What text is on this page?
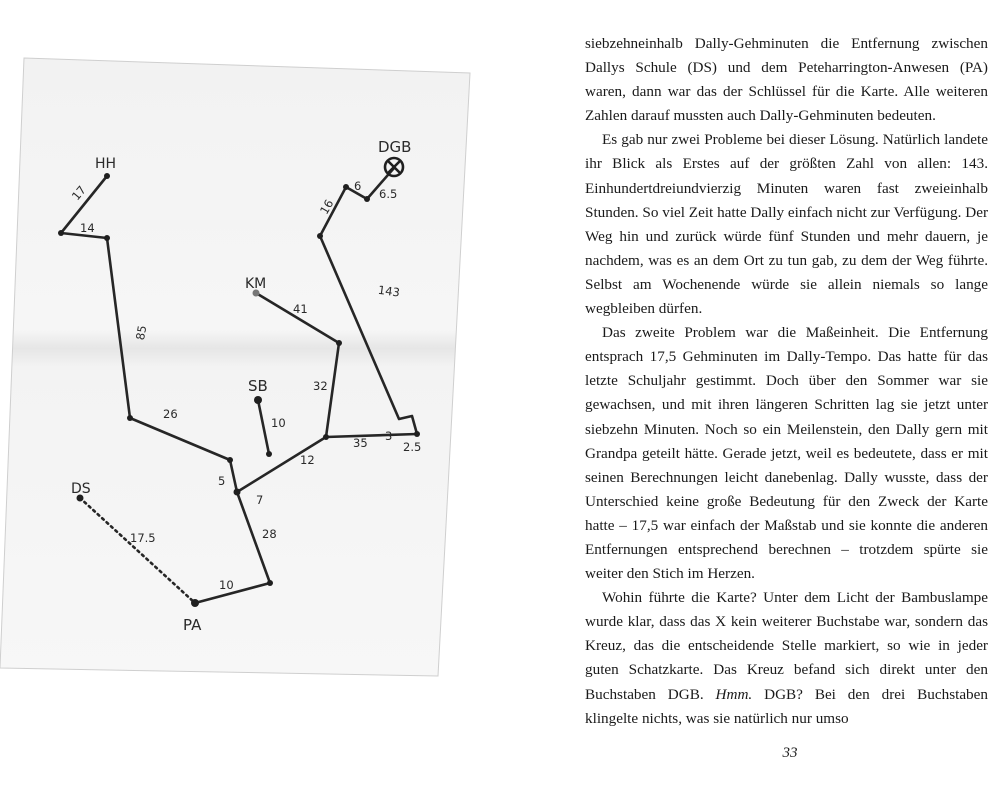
HH
DGB
KM
SB
DS
PA
17
14
85
26
5
7
12
35 3
2.5
10
32
41
143
16
6
6.5
28
10
17.5

siebzehneinhalb Dally-Gehminuten die Entfernung zwischen Dallys Schule (DS) und dem Peteharrington-Anwesen (PA) waren, dann war das der Schlüssel für die Karte. Alle weiteren Zahlen darauf mussten auch Dally-Gehminuten bedeuten.

Es gab nur zwei Probleme bei dieser Lösung. Natürlich landete ihr Blick als Erstes auf der größten Zahl von allen: 143. Einhundertdreiundvierzig Minuten waren fast zweieinhalb Stunden. So viel Zeit hatte Dally einfach nicht zur Verfügung. Der Weg hin und zurück würde fünf Stunden und mehr dauern, je nachdem, was es an dem Ort zu tun gab, zu dem der Weg führte. Selbst am Wochenende würde sie allein niemals so lange wegbleiben dürfen.

Das zweite Problem war die Maßeinheit. Die Entfernung entsprach 17,5 Gehminuten im Dally-Tempo. Das hatte für das letzte Schuljahr gestimmt. Doch über den Sommer war sie gewachsen, und mit ihren längeren Schritten lag sie jetzt unter siebzehn Minuten. Noch so ein Meilenstein, den Dally gern mit Grandpa geteilt hätte. Gerade jetzt, weil es bedeutete, dass er mit seinen Berechnungen leicht danebenlag. Dally wusste, dass der Unterschied keine große Bedeutung für den Zweck der Karte hatte – 17,5 war einfach der Maßstab und sie konnte die anderen Entfernungen entsprechend berechnen – trotzdem spürte sie weiter den Stich im Herzen.

Wohin führte die Karte? Unter dem Licht der Bambuslampe wurde klar, dass das X kein weiterer Buchstabe war, sondern das Kreuz, das die entscheidende Stelle markiert, so wie in jeder guten Schatzkarte. Das Kreuz befand sich direkt unter den Buchstaben DGB. Hmm. DGB? Bei den drei Buchstaben klingelte nichts, was sie natürlich nur umso

33
